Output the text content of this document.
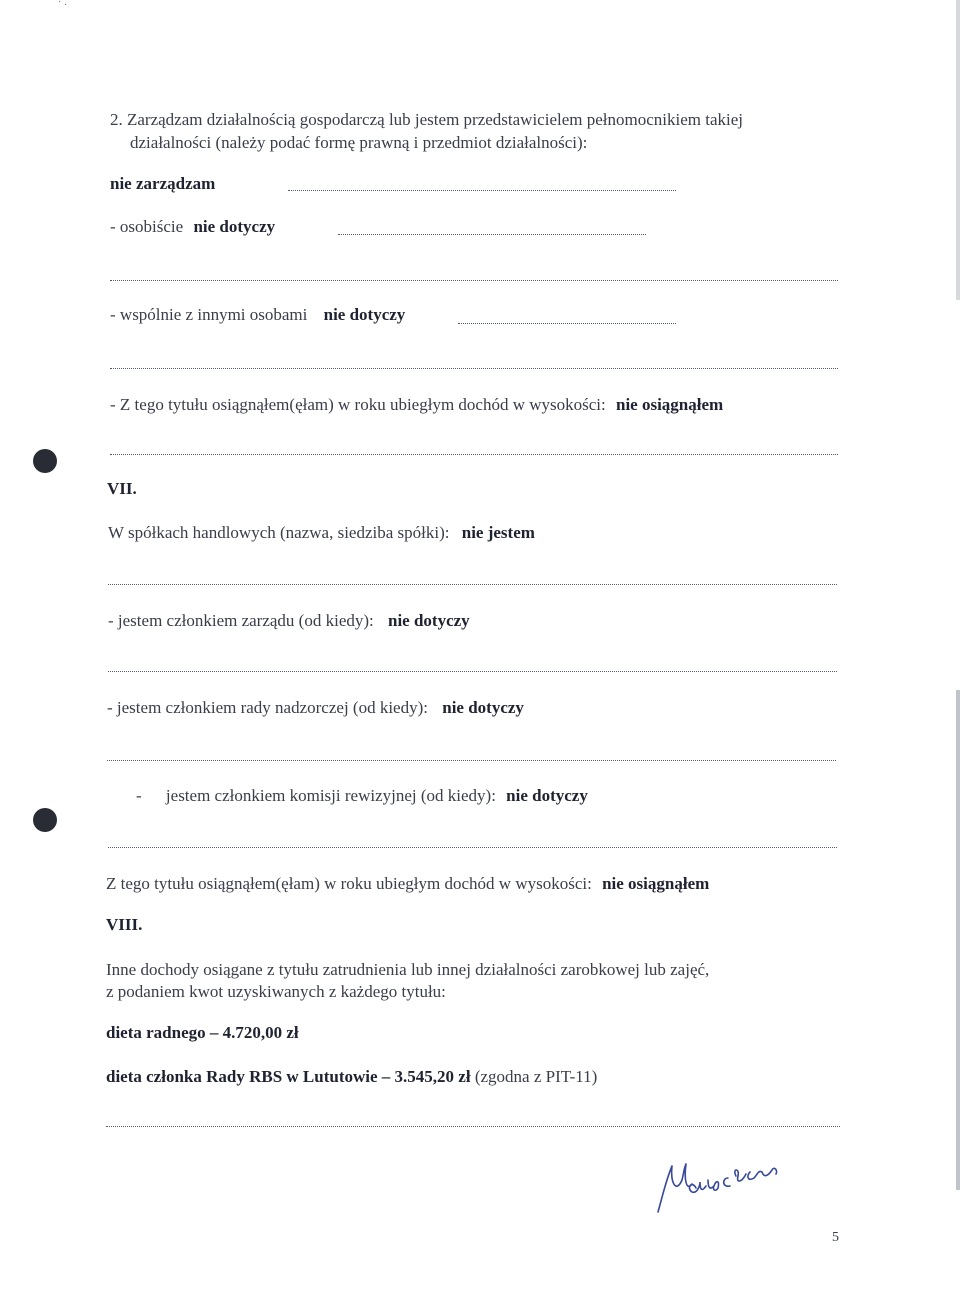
˙ ·
2. Zarządzam działalnością gospodarczą lub jestem przedstawicielem pełnomocnikiem takiej
działalności (należy podać formę prawną i przedmiot działalności):
nie zarządzam
- osobiście nie dotyczy
- wspólnie z innymi osobami nie dotyczy
- Z tego tytułu osiągnąłem(ęłam) w roku ubiegłym dochód w wysokości: nie osiągnąłem
VII.
W spółkach handlowych (nazwa, siedziba spółki): nie jestem
- jestem członkiem zarządu (od kiedy): nie dotyczy
- jestem członkiem rady nadzorczej (od kiedy): nie dotyczy
- jestem członkiem komisji rewizyjnej (od kiedy): nie dotyczy
Z tego tytułu osiągnąłem(ęłam) w roku ubiegłym dochód w wysokości: nie osiągnąłem
VIII.
Inne dochody osiągane z tytułu zatrudnienia lub innej działalności zarobkowej lub zajęć,
z podaniem kwot uzyskiwanych z każdego tytułu:
dieta radnego – 4.720,00 zł
dieta członka Rady RBS w Lututowie – 3.545,20 zł (zgodna z PIT-11)
5
